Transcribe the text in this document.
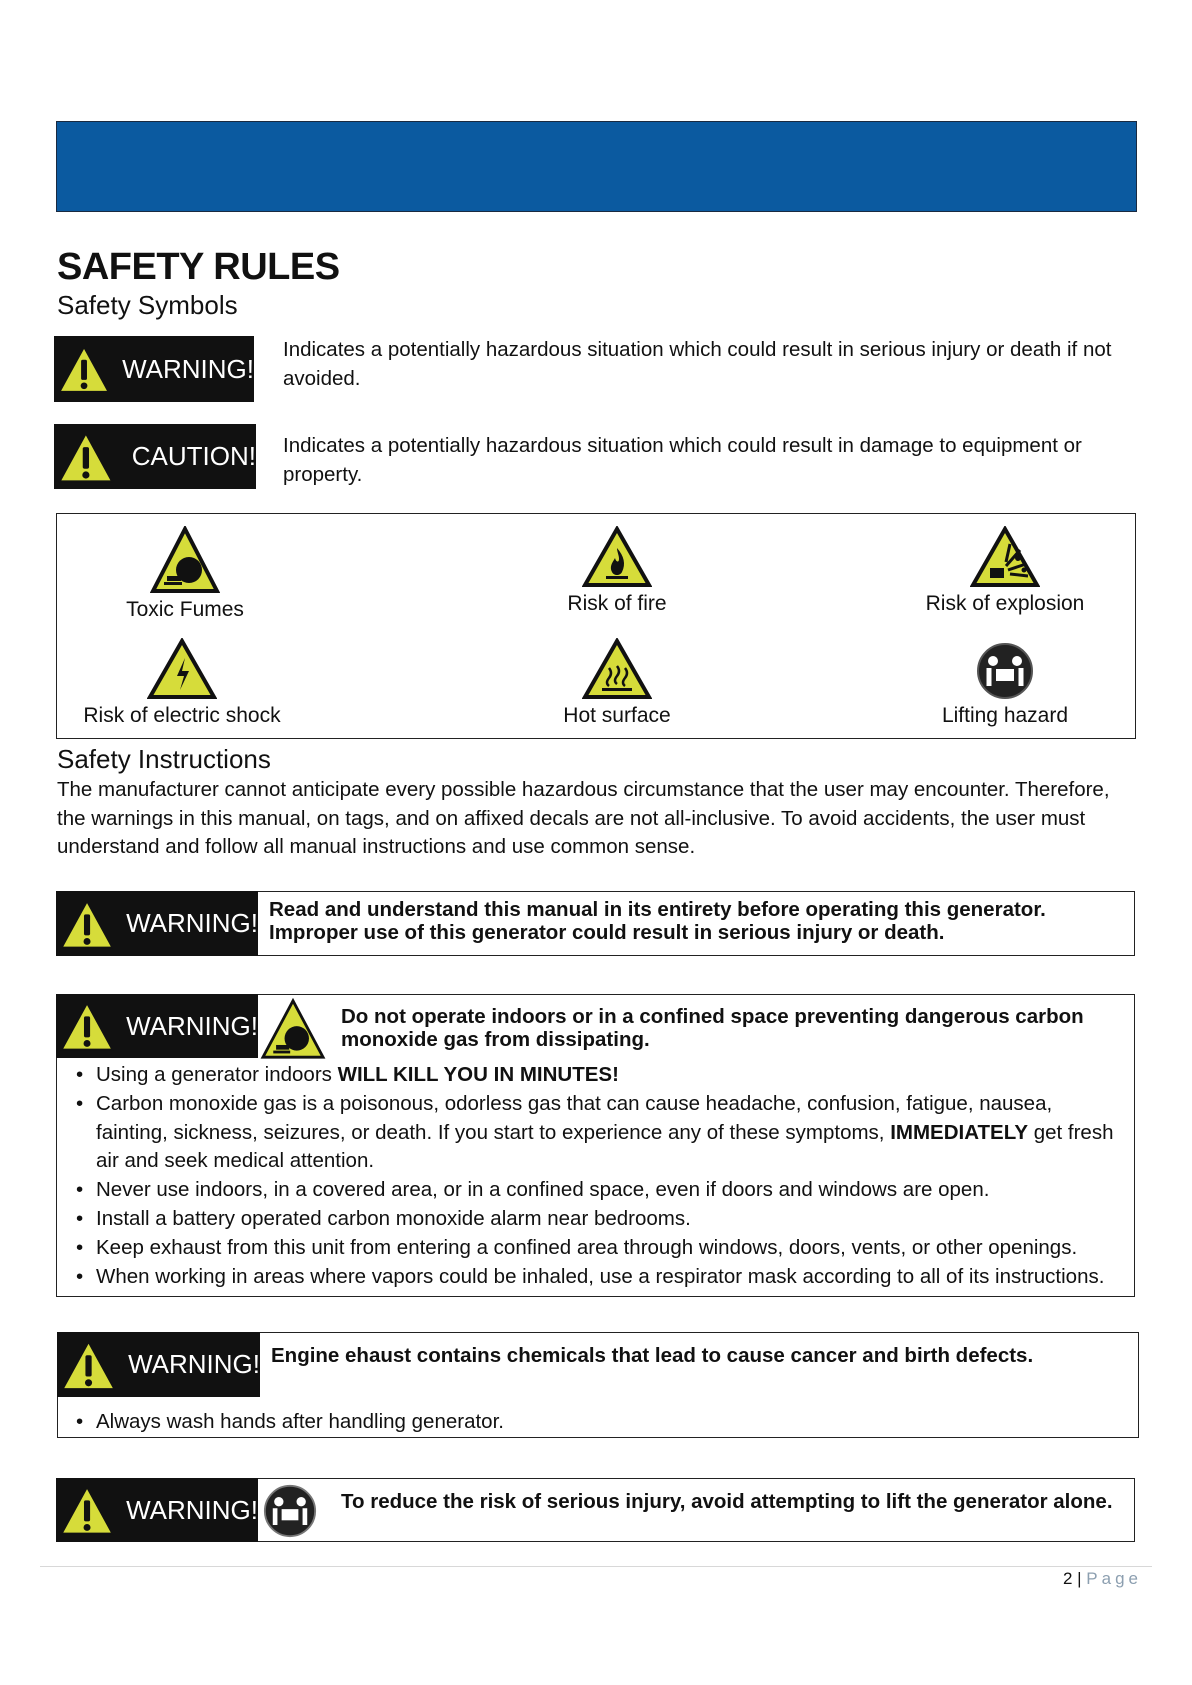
SAFETY RULES
Safety Symbols
WARNING!
Indicates a potentially hazardous situation which could result in serious injury or death if not avoided.
CAUTION! Indicates a potentially hazardous situation which could result in damage to equipment or property.
Toxic Fumes	Risk of fire	Risk of explosion
Risk of electric shock	Hot surface	Lifting hazard
Safety Instructions
The manufacturer cannot anticipate every possible hazardous circumstance that the user may encounter. Therefore, the warnings in this manual, on tags, and on affixed decals are not all-inclusive. To avoid accidents, the user must understand and follow all manual instructions and use common sense.
WARNING! Read and understand this manual in its entirety before operating this generator. Improper use of this generator could result in serious injury or death.
WARNING!	Do not operate indoors or in a confined space preventing dangerous carbon monoxide gas from dissipating.
• Using a generator indoors WILL KILL YOU IN MINUTES!
• Carbon monoxide gas is a poisonous, odorless gas that can cause headache, confusion, fatigue, nausea, fainting, sickness, seizures, or death. If you start to experience any of these symptoms, IMMEDIATELY get fresh air and seek medical attention.
• Never use indoors, in a covered area, or in a confined space, even if doors and windows are open.
• Install a battery operated carbon monoxide alarm near bedrooms.
• Keep exhaust from this unit from entering a confined area through windows, doors, vents, or other openings.
• When working in areas where vapors could be inhaled, use a respirator mask according to all of its instructions.
WARNING! Engine ehaust contains chemicals that lead to cause cancer and birth defects.
• Always wash hands after handling generator.
WARNING!	To reduce the risk of serious injury, avoid attempting to lift the generator alone.
2 | Page
